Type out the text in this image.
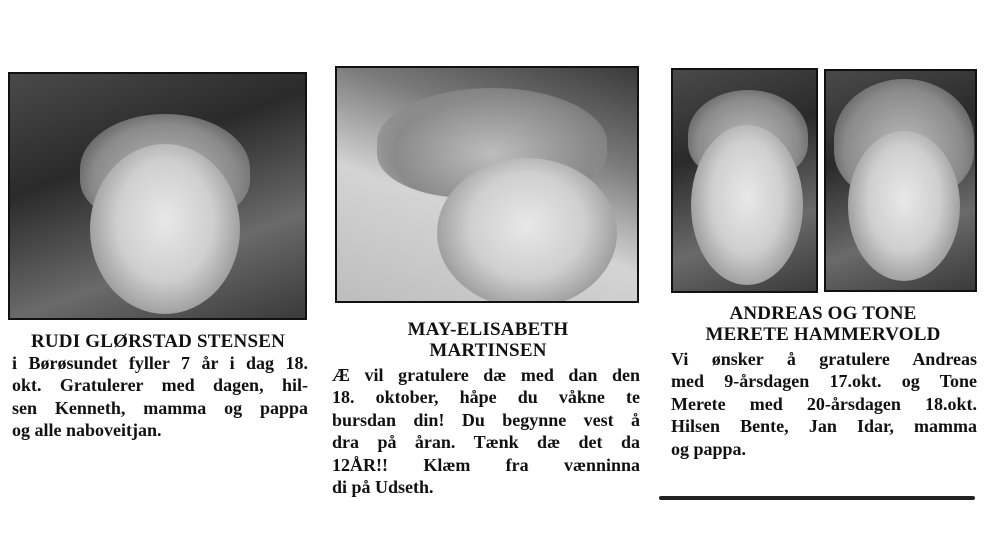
RUDI GLØRSTAD STENSEN
i Børøsundet fyller 7 år i dag 18.
okt. Gratulerer med dagen, hil-
sen Kenneth, mamma og pappa
og alle naboveitjan.
MAY-ELISABETH
MARTINSEN
Æ vil gratulere dæ med dan den
18. oktober, håpe du våkne te
bursdan din! Du begynne vest å
dra på åran. Tænk dæ det da
12ÅR!! Klæm fra vænninna
di på Udseth.
ANDREAS OG TONE
MERETE HAMMERVOLD
Vi ønsker å gratulere Andreas
med 9-årsdagen 17.okt. og Tone
Merete med 20-årsdagen 18.okt.
Hilsen Bente, Jan Idar, mamma
og pappa.
